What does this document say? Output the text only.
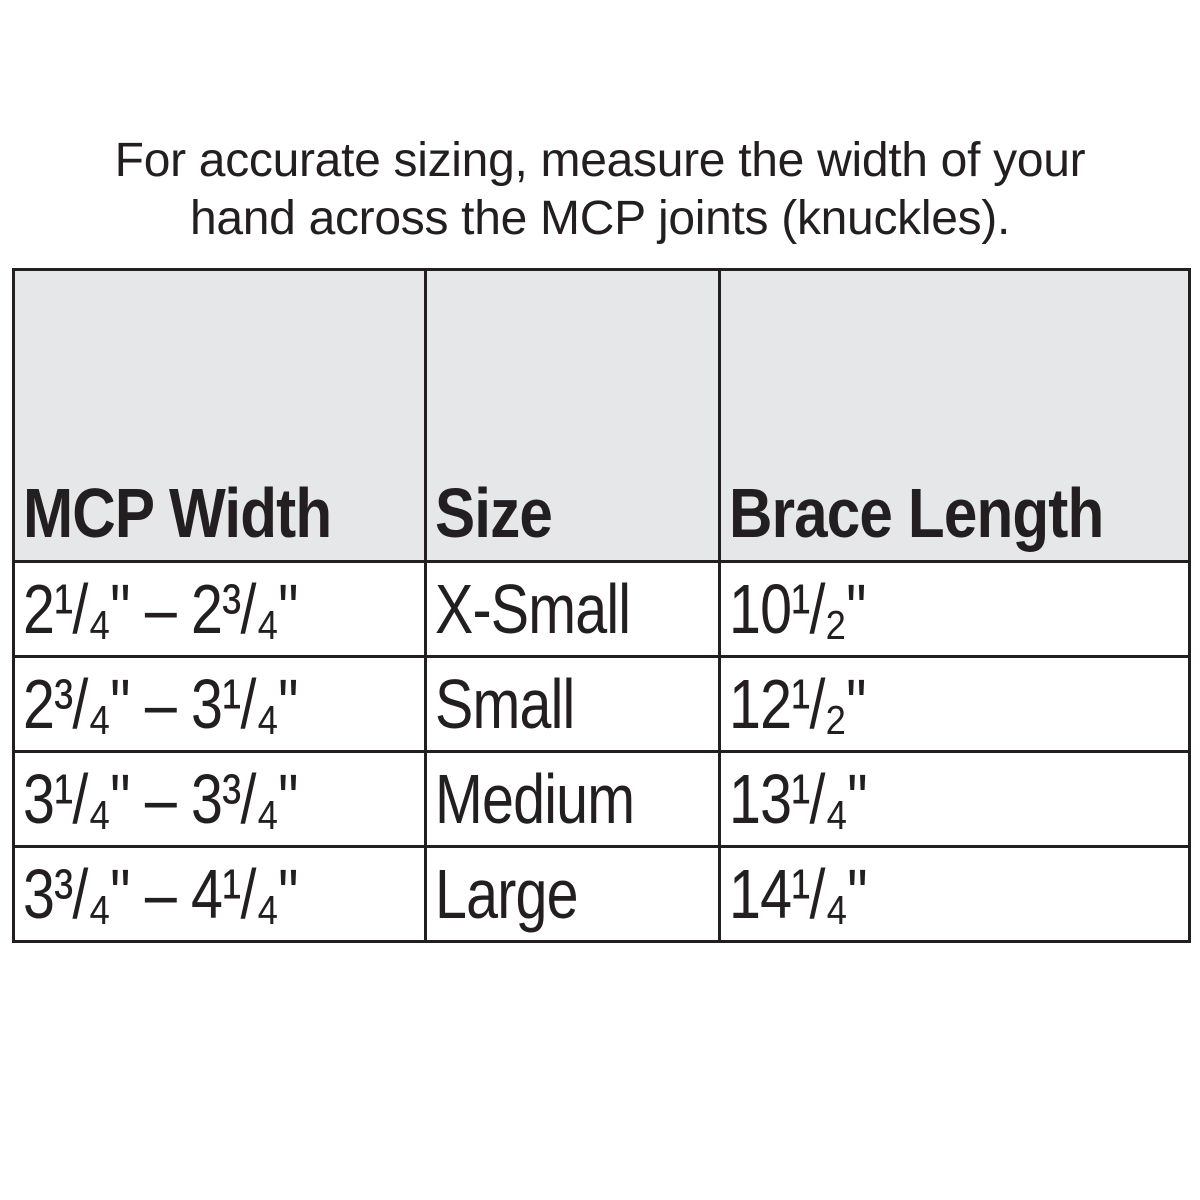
For accurate sizing, measure the width of your
hand across the MCP joints (knuckles).
MCP Width	Size	Brace Length
2¹/₄" – 2³/₄"	X-Small	10¹/₂"
2³/₄" – 3¹/₄"	Small	12¹/₂"
3¹/₄" – 3³/₄"	Medium	13¹/₄"
3³/₄" – 4¹/₄"	Large	14¹/₄"
